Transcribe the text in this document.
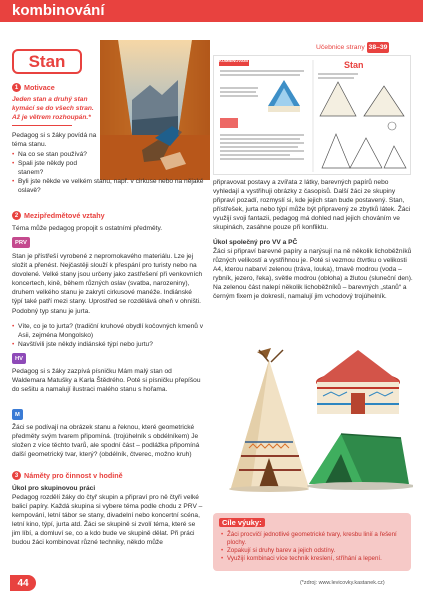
kombinování
Stan
Učebnice strany 38–39
Stan
KOMBINOVÁNÍ
1 Motivace
Jeden stan a druhý stan kymácí se do všech stran. Až je větrem rozhoupán.*
Pedagog si s žáky povídá na téma stanu.
• Na co se stan používá?
• Spali jste někdy pod stanem?
• Byli jste někde ve velkém stanu, např. v cirkuse nebo na nějaké oslavě?
2 Mezipředmětové vztahy
Téma může pedagog propojit s ostatními předměty.
PRV
Stan je přístřeší vyrobené z nepromokavého materiálu. Lze jej složit a přenést. Nejčastěji slouží k přespání pro turisty nebo na dovolené. Velké stany jsou určeny jako zastřešení při venkovních koncertech, kině, během různých oslav (svatba, narozeniny), druhem velkého stanu je zakrytí cirkusové manéže. Indiánské týpí také patří mezi stany. Uprostřed se rozdělává oheň v ohništi. Podobný typ stanu je jurta.
• Víte, co je to jurta? (tradiční kruhové obydlí kočovných kmenů v Asii, zejména Mongolsko)
• Navštívili jste někdy indiánské týpí nebo jurtu?
HV
Pedagog si s žáky zazpívá písničku Mám malý stan od Waldemara Matušky a Karla Štědrého. Poté si písničku přepíšou do sešitu a namalují ilustraci malého stanu s hořama.
M
Žáci se podívají na obrázek stanu a řeknou, které geometrické předměty svým tvarem připomíná. (trojúhelník s obdélníkem) Je složen z více těchto tvarů, ale spodní část – podlážka připomíná další geometrický tvar, který? (obdélník, čtverec, možno kruh)
3 Náměty pro činnost v hodině
Úkol pro skupinovou práci
Pedagog rozdělí žáky do čtyř skupin a připraví pro ně čtyři velké balicí papíry. Každá skupina si vybere téma podle chodu z PRV – kempování, letní tábor se stany, divadelní nebo koncertní scéna, letní kino, týpí, jurta atd. Žáci se skupině si zvolí téma, které se jim líbí, a domluví se, co a kdo bude ve skupině dělat. Při práci budou žáci kombinovat různé techniky, někdo může
připravovat postavy a zvířata z látky, barevných papírů nebo vyhledají a vystřihuji obrázky z časopisů. Další žáci ze skupiny připraví pozadí, rozmyslí si, kde jejich stan bude postavený. Stan, přístřešek, jurta nebo týpí může být připravený ze zbytků látek. Žáci využijí svoji fantazii, pedagog má dohled nad jejich chováním ve skupinách, zasáhne pouze při konfliktu.
Úkol společný pro VV a PČ
Žáci si připraví barevné papíry a narýsují na ně několik lichoběžníků různých velikostí a vystřihnou je. Poté si vezmou čtvrtku o velikosti A4, kterou nabarví zelenou (tráva, louka), tmavě modrou (voda – rybník, jezero, řeka), světle modrou (obloha) a žlutou (sluneční den). Na zelenou část nalepí několik lichoběžníků – barevných „stanů“ a černým fixem je dokreslí, namalují jim vchodový trojúhelník.
Cíle výuky:
• Žáci procvičí jednotlivé geometrické tvary, kresbu linií a řešení plochy.
• Zopakují si druhy barev a jejich odstíny.
• Využijí kombinaci více technik kreslení, stříhání a lepení.
44	(*zdroj: www.levicovky.kastanek.cz)
